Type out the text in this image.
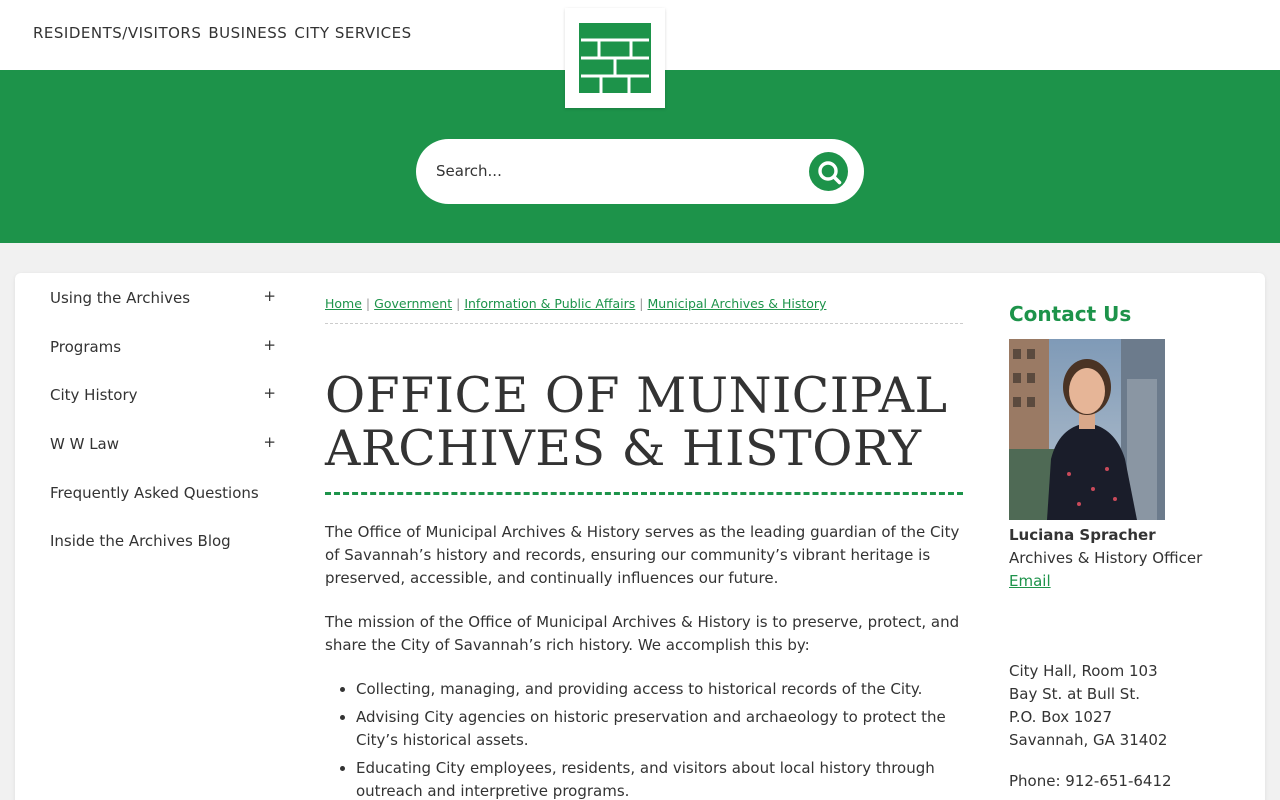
RESIDENTS/VISITORS BUSINESS CITY SERVICES
Search...
Using the Archives	+
Programs	+
City History	+
W W Law	+
Frequently Asked Questions
Inside the Archives Blog
Home | Government | Information & Public Affairs | Municipal Archives & History
OFFICE OF MUNICIPAL
ARCHIVES & HISTORY

The Office of Municipal Archives & History serves as the leading guardian of the City of Savannah’s history and records, ensuring our community’s vibrant heritage is preserved, accessible, and continually influences our future.

The mission of the Office of Municipal Archives & History is to preserve, protect, and share the City of Savannah’s rich history. We accomplish this by:

• Collecting, managing, and providing access to historical records of the City.
• Advising City agencies on historic preservation and archaeology to protect the City’s historical assets.
• Educating City employees, residents, and visitors about local history through outreach and interpretive programs.
Contact Us
Luciana Spracher
Archives & History Officer
Email
City Hall, Room 103
Bay St. at Bull St.
P.O. Box 1027
Savannah, GA 31402
Phone: 912-651-6412
